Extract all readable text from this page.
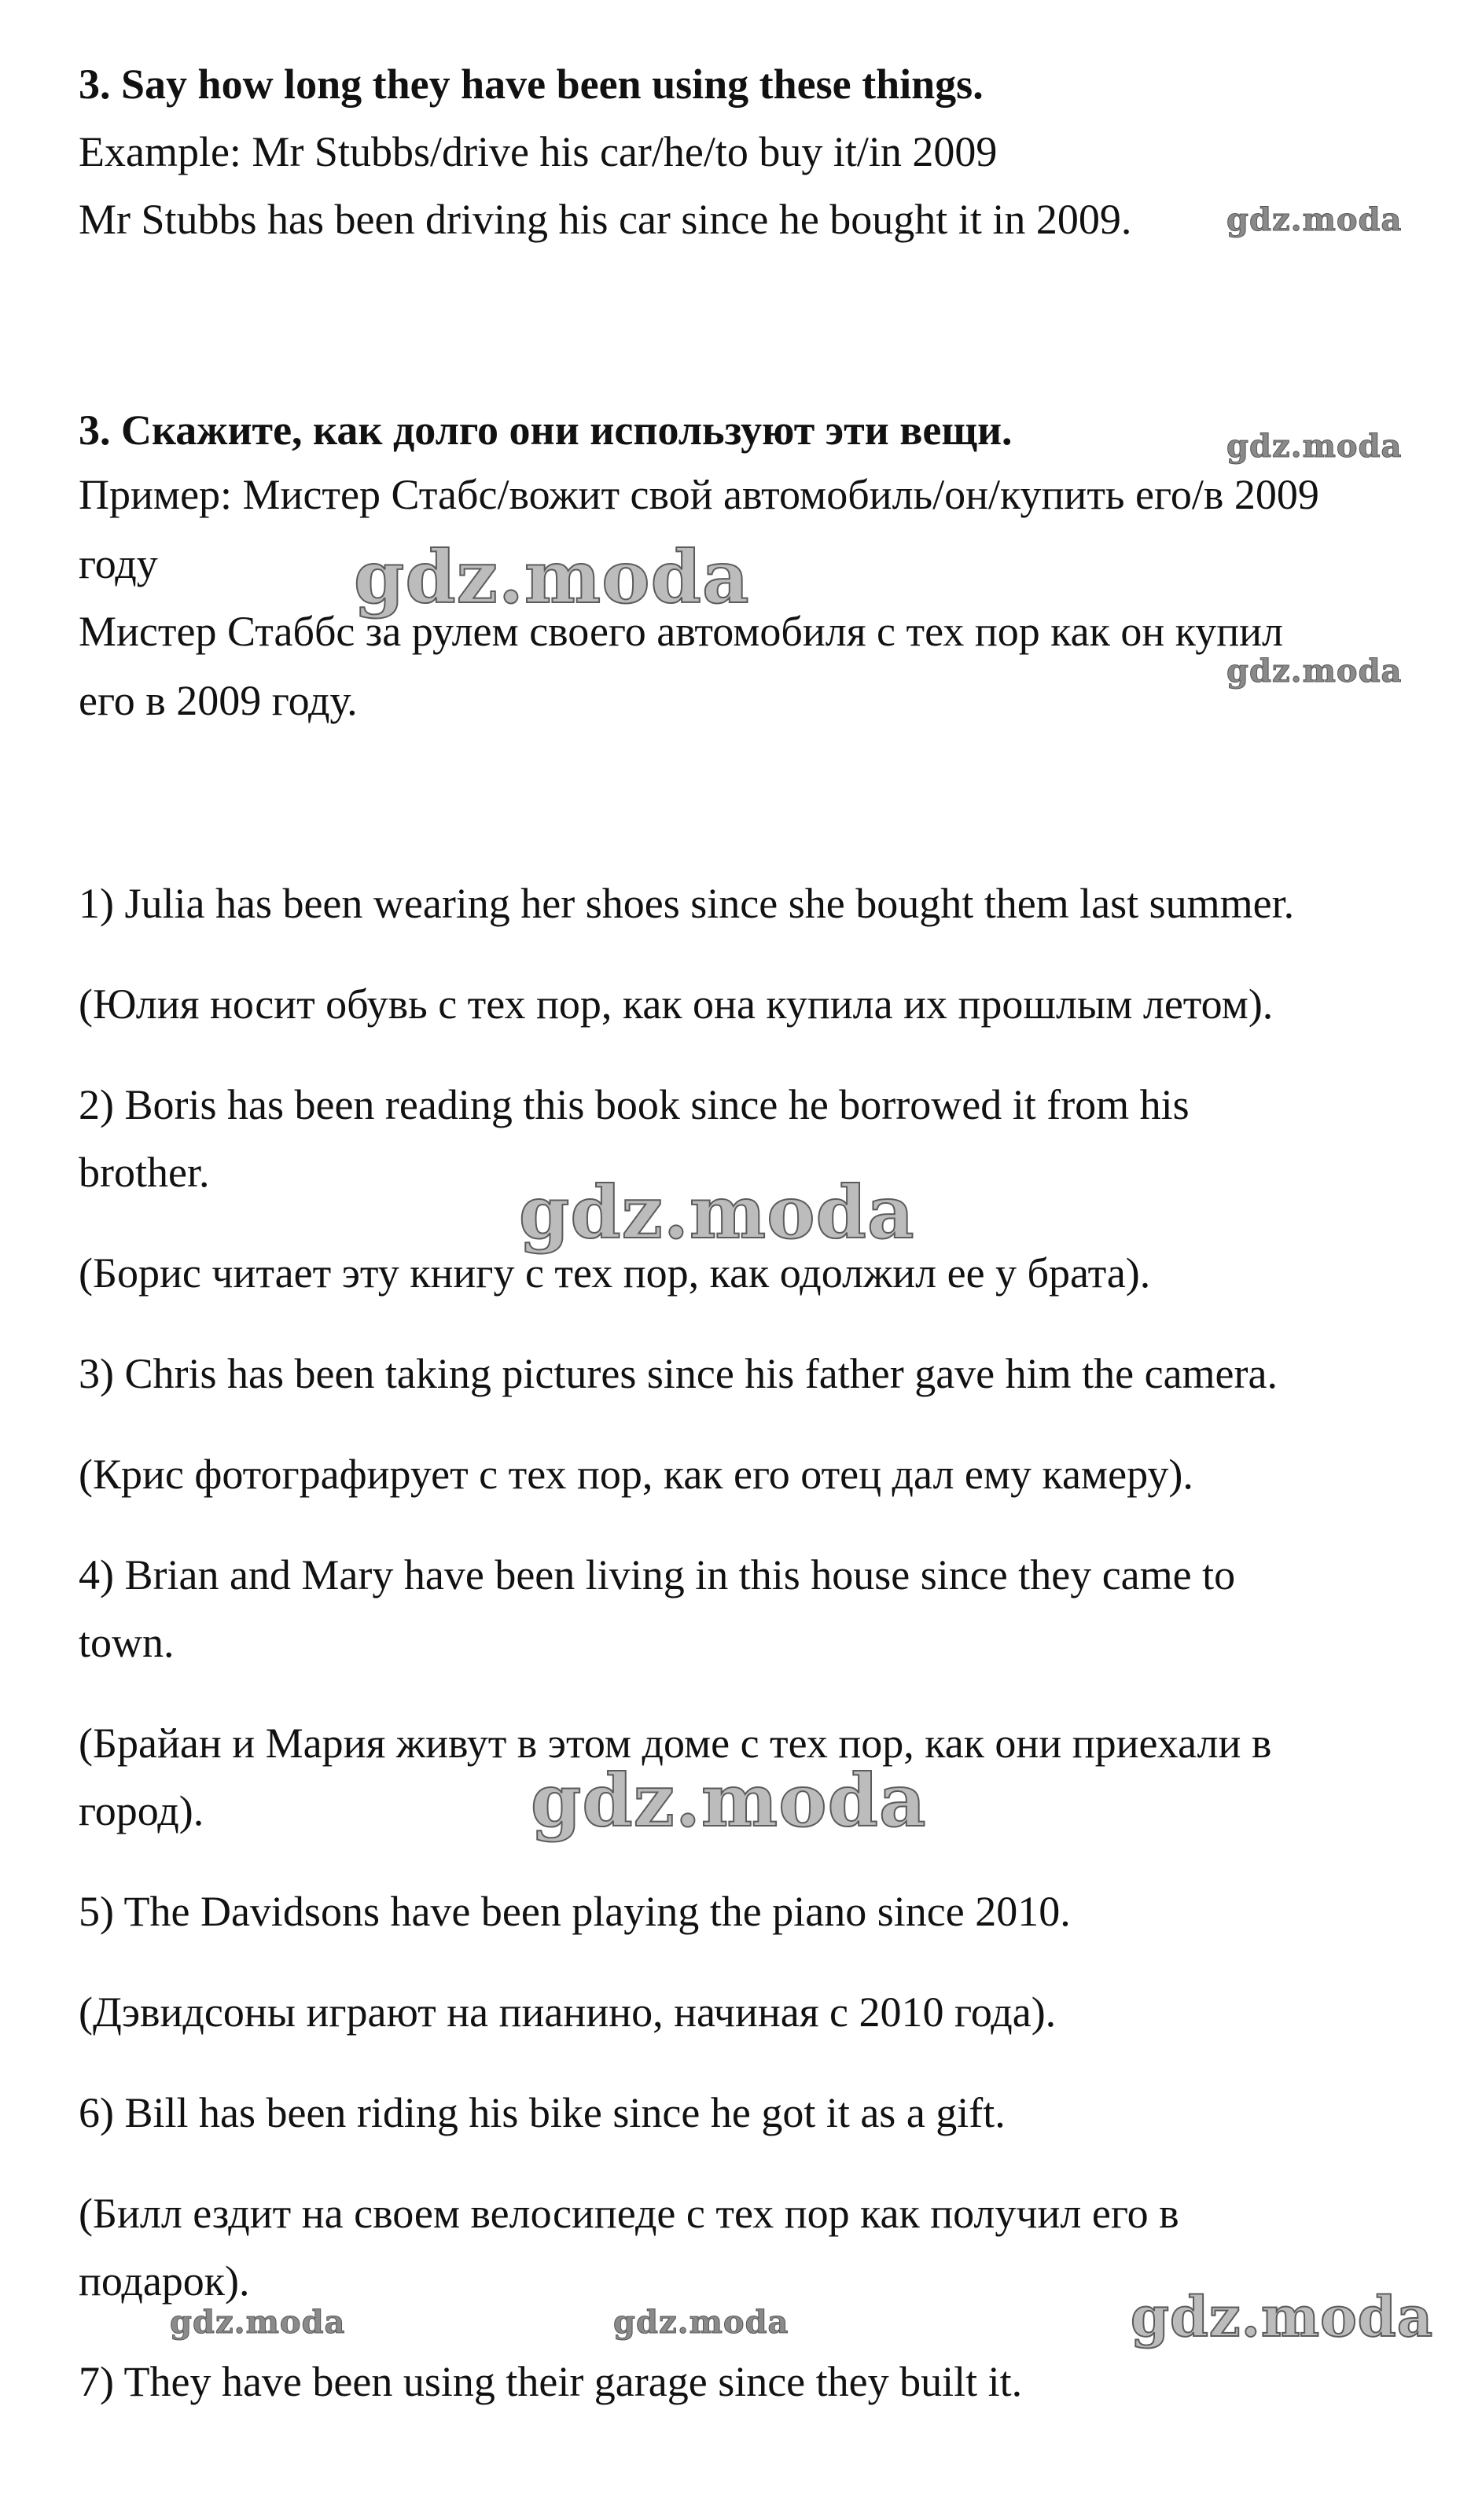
3. Say how long they have been using these things.

Example: Mr Stubbs/drive his car/he/to buy it/in 2009

Mr Stubbs has been driving his car since he bought it in 2009.

3. Скажите, как долго они используют эти вещи.

Пример: Мистер Стабс/вожит свой автомобиль/он/купить его/в 2009

году

Мистер Стаббс за рулем своего автомобиля с тех пор как он купил

его в 2009 году.

1) Julia has been wearing her shoes since she bought them last summer.

(Юлия носит обувь с тех пор, как она купила их прошлым летом).

2) Boris has been reading this book since he borrowed it from his

brother.

(Борис читает эту книгу с тех пор, как одолжил ее у брата).

3) Chris has been taking pictures since his father gave him the camera.

(Крис фотографирует с тех пор, как его отец дал ему камеру).

4) Brian and Mary have been living in this house since they came to

town.

(Брайан и Мария живут в этом доме с тех пор, как они приехали в

город).

5) The Davidsons have been playing the piano since 2010.

(Дэвидсоны играют на пианино, начиная с 2010 года).

6) Bill has been riding his bike since he got it as a gift.

(Билл ездит на своем велосипеде с тех пор как получил его в

подарок).

7) They have been using their garage since they built it.

gdz.moda
gdz.moda
gdz.moda
gdz.moda
gdz.moda
gdz.moda
gdz.moda	gdz.moda	gdz.moda
